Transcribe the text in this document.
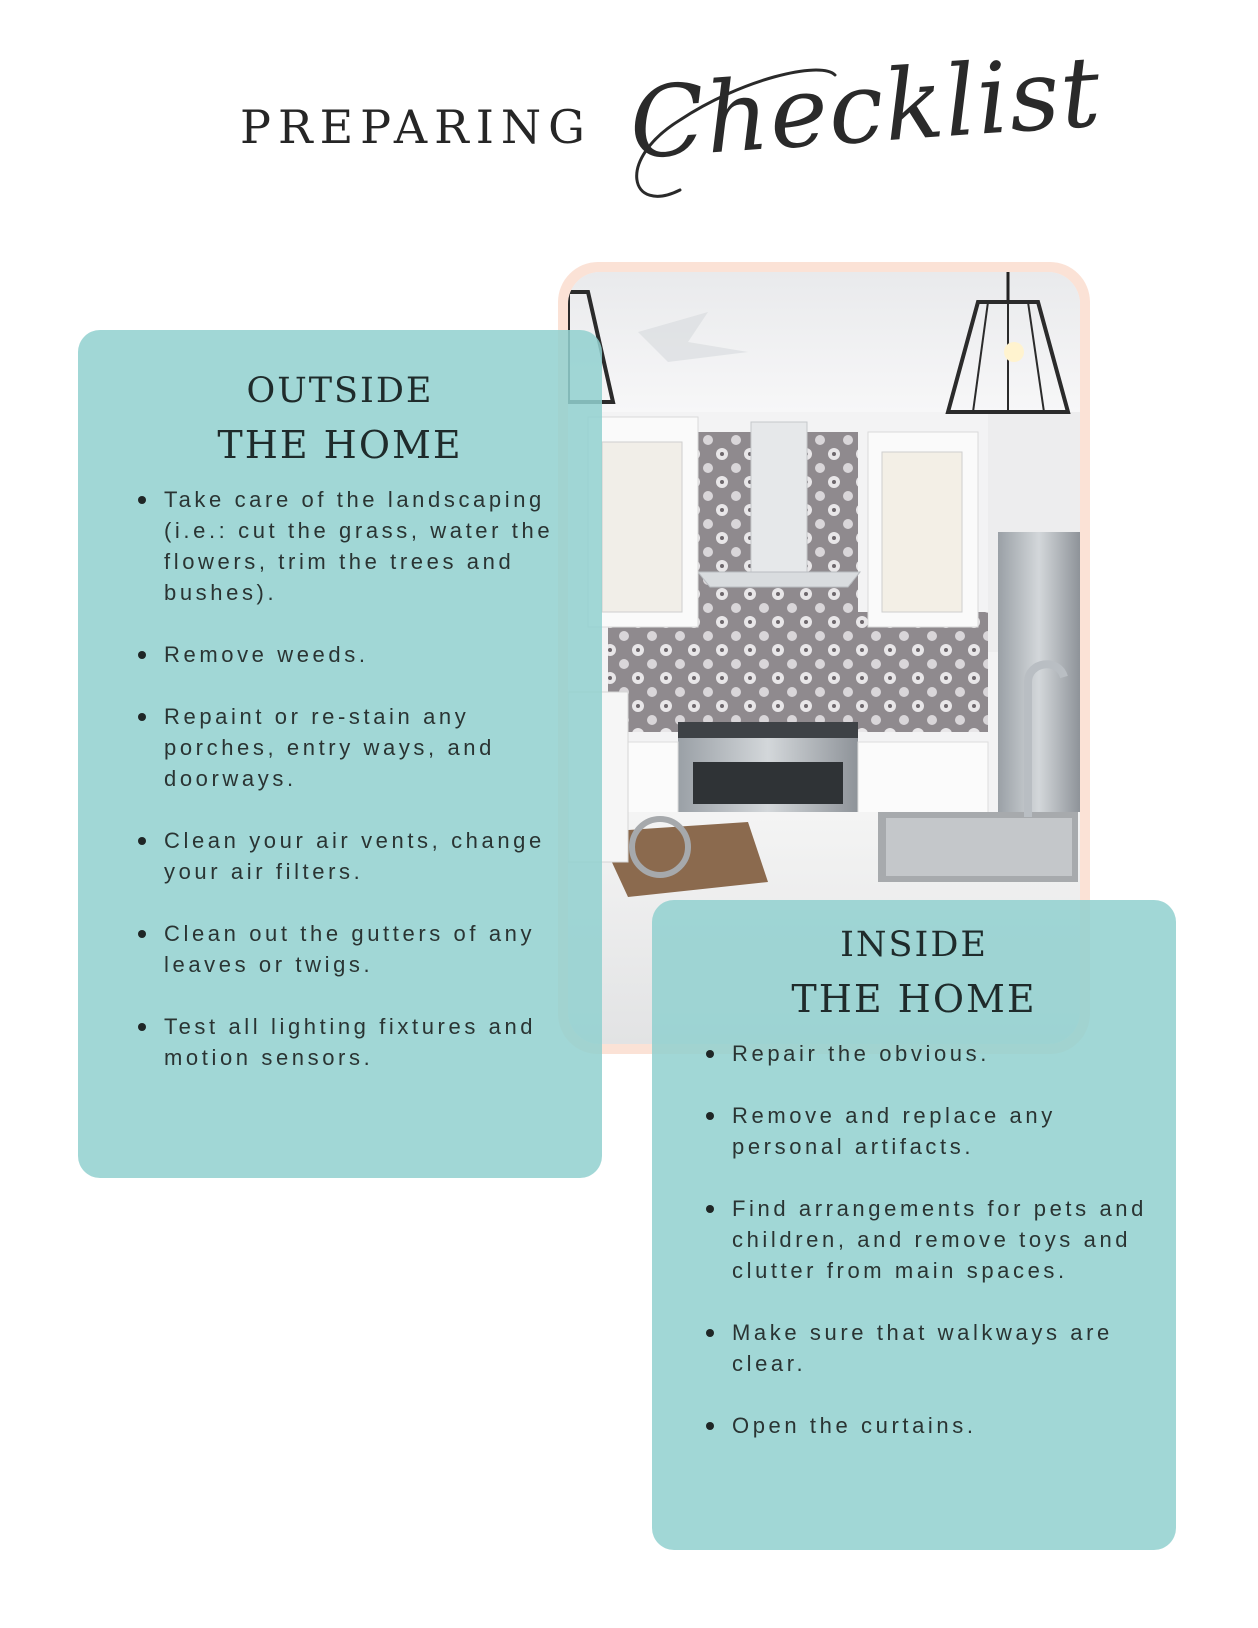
PREPARING Checklist
OUTSIDE
THE HOME
Take care of the landscaping (i.e.: cut the grass, water the flowers, trim the trees and bushes).
Remove weeds.
Repaint or re-stain any porches, entry ways, and doorways.
Clean your air vents, change your air filters.
Clean out the gutters of any leaves or twigs.
Test all lighting fixtures and motion sensors.
INSIDE
THE HOME
Repair the obvious.
Remove and replace any personal artifacts.
Find arrangements for pets and children, and remove toys and clutter from main spaces.
Make sure that walkways are clear.
Open the curtains.
